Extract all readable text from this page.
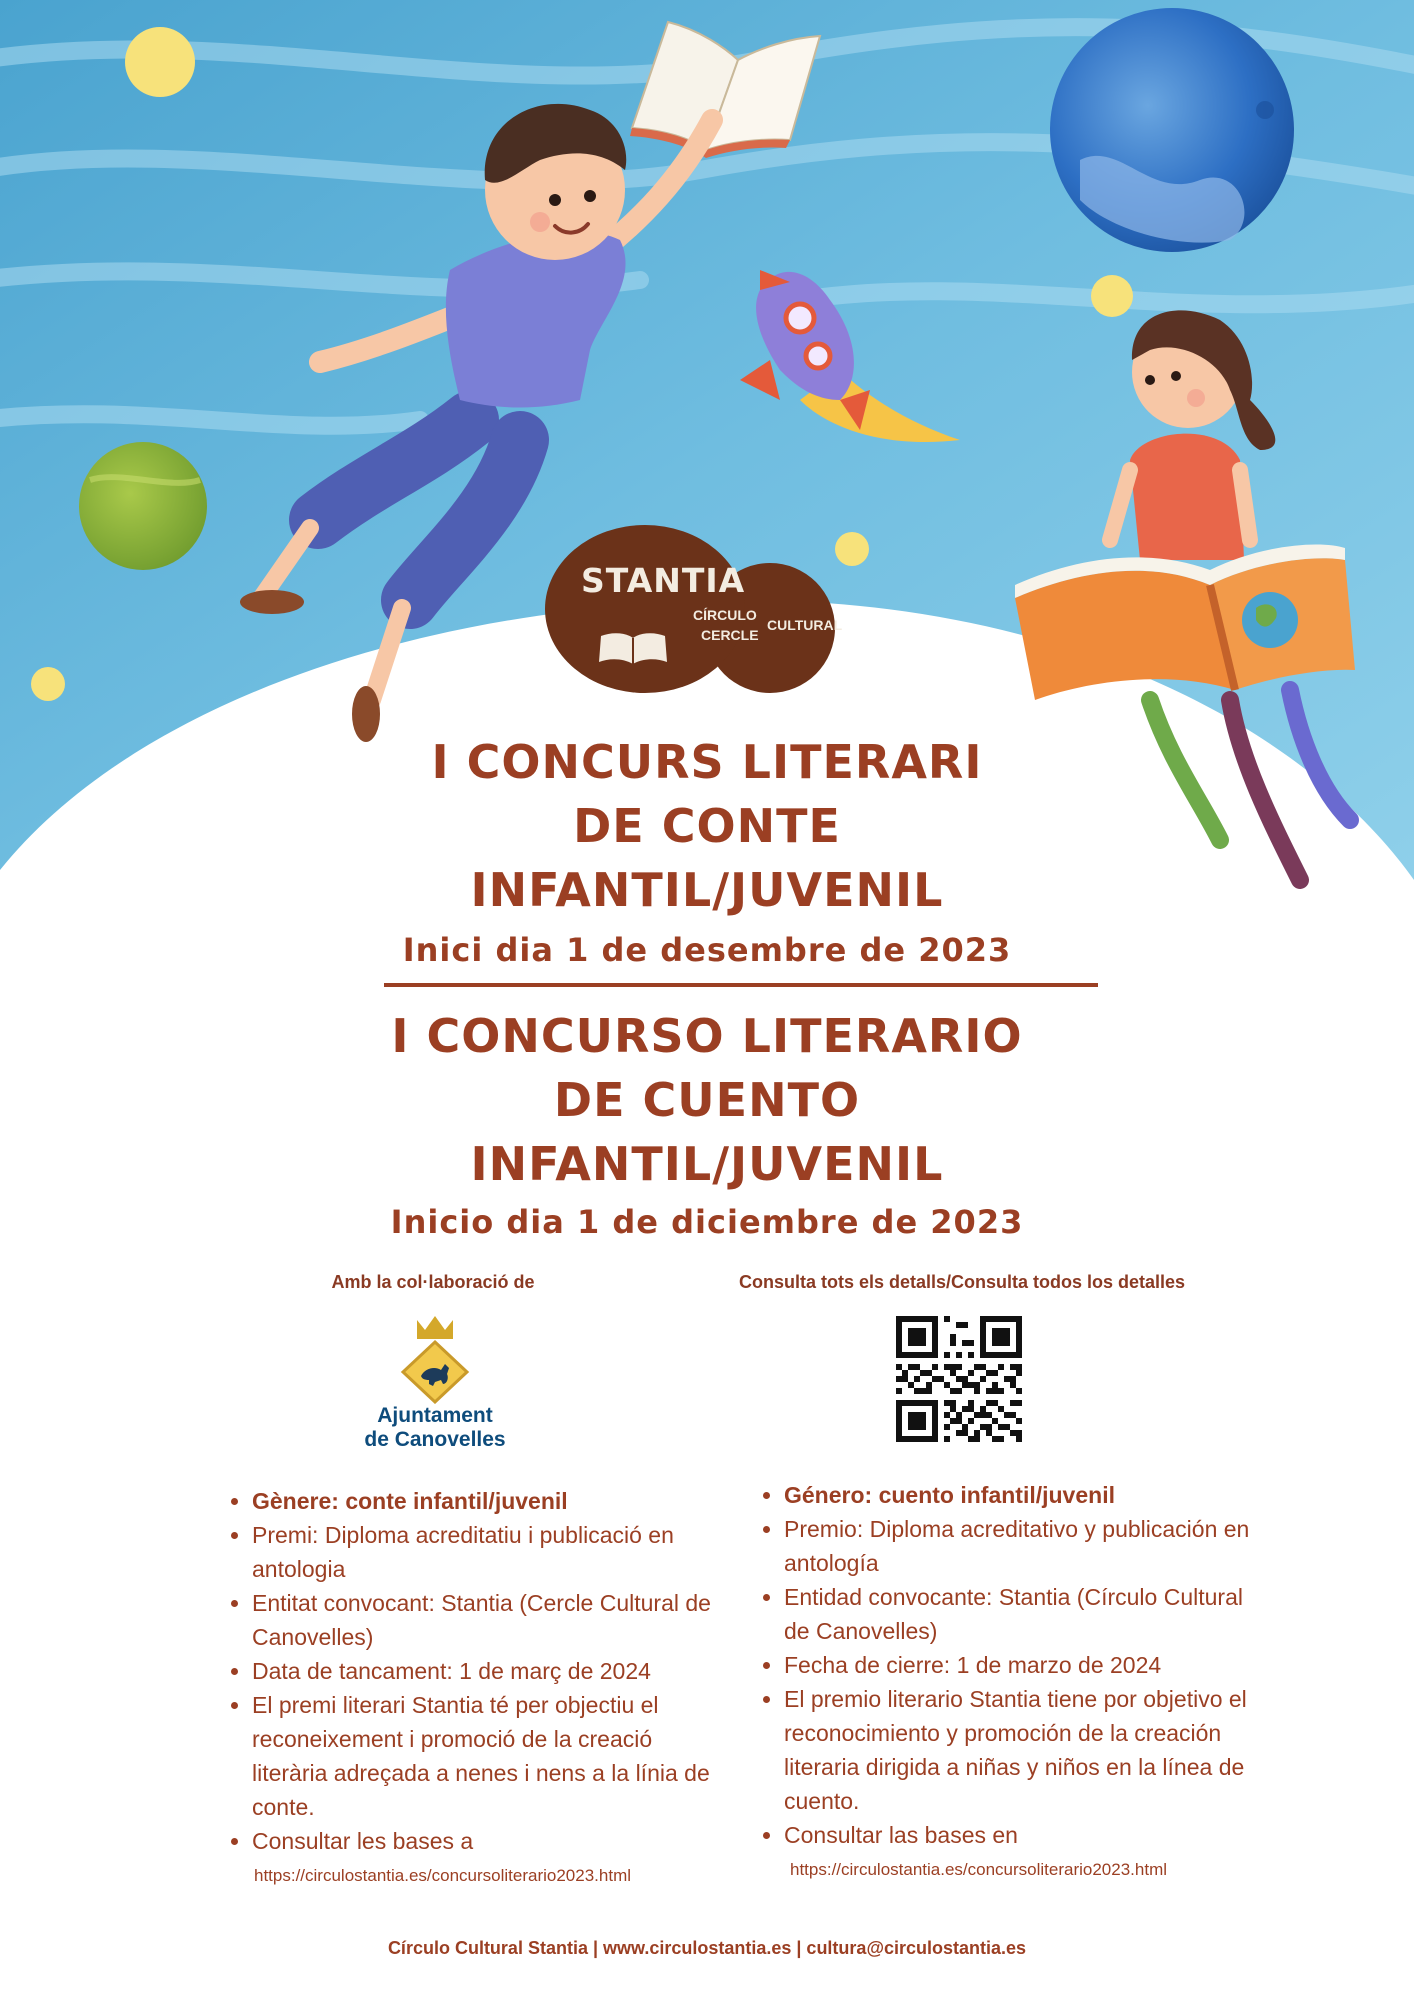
STANTIA
CÍRCULO
CERCLE
CULTURAL
I CONCURS LITERARI
DE CONTE
INFANTIL/JUVENIL
Inici dia 1 de desembre de 2023
I CONCURSO LITERARIO
DE CUENTO
INFANTIL/JUVENIL
Inicio dia 1 de diciembre de 2023
Amb la col·laboració de	Consulta tots els detalls/Consulta todos los detalles
Ajuntament
de Canovelles
• Gènere: conte infantil/juvenil
• Premi: Diploma acreditatiu i publicació en antologia
• Entitat convocant: Stantia (Cercle Cultural de Canovelles)
• Data de tancament: 1 de març de 2024
• El premi literari Stantia té per objectiu el reconeixement i promoció de la creació literària adreçada a nenes i nens a la línia de conte.
• Consultar les bases a
https://circulostantia.es/concursoliterario2023.html
• Género: cuento infantil/juvenil
• Premio: Diploma acreditativo y publicación en antología
• Entidad convocante: Stantia (Círculo Cultural de Canovelles)
• Fecha de cierre: 1 de marzo de 2024
• El premio literario Stantia tiene por objetivo el reconocimiento y promoción de la creación literaria dirigida a niñas y niños en la línea de cuento.
• Consultar las bases en
https://circulostantia.es/concursoliterario2023.html
Círculo Cultural Stantia | www.circulostantia.es | cultura@circulostantia.es
